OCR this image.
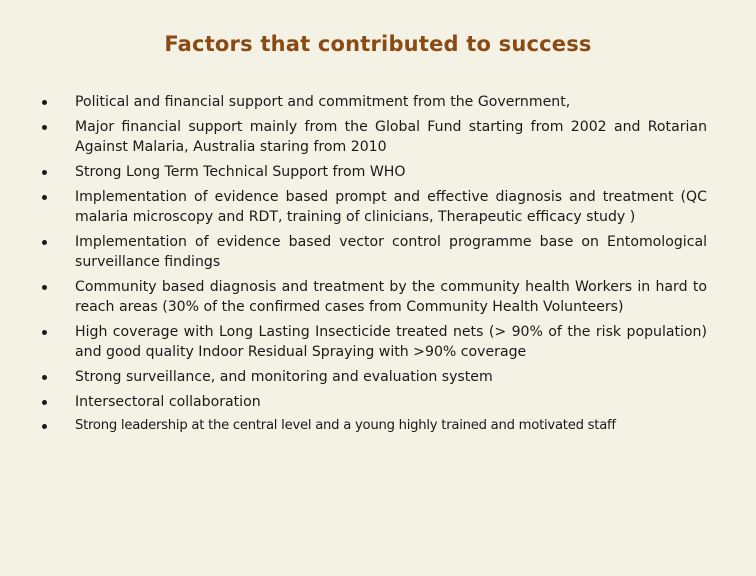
Factors that contributed to success
Political and financial support and commitment from the Government,
Major financial support mainly from the Global Fund starting from 2002 and Rotarian Against Malaria, Australia staring from 2010
Strong Long Term Technical Support from WHO
Implementation of evidence based prompt and effective diagnosis and treatment (QC malaria microscopy and RDT, training of clinicians, Therapeutic efficacy study )
Implementation of evidence based vector control programme base on Entomological surveillance findings
Community based diagnosis and treatment by the community health Workers in hard to reach areas (30% of the confirmed cases from Community Health Volunteers)
High coverage with Long Lasting Insecticide treated nets (> 90% of the risk population) and good quality Indoor Residual Spraying with >90% coverage
Strong surveillance, and monitoring and evaluation system
Intersectoral collaboration
Strong leadership at the central level and a young highly trained and motivated staff
